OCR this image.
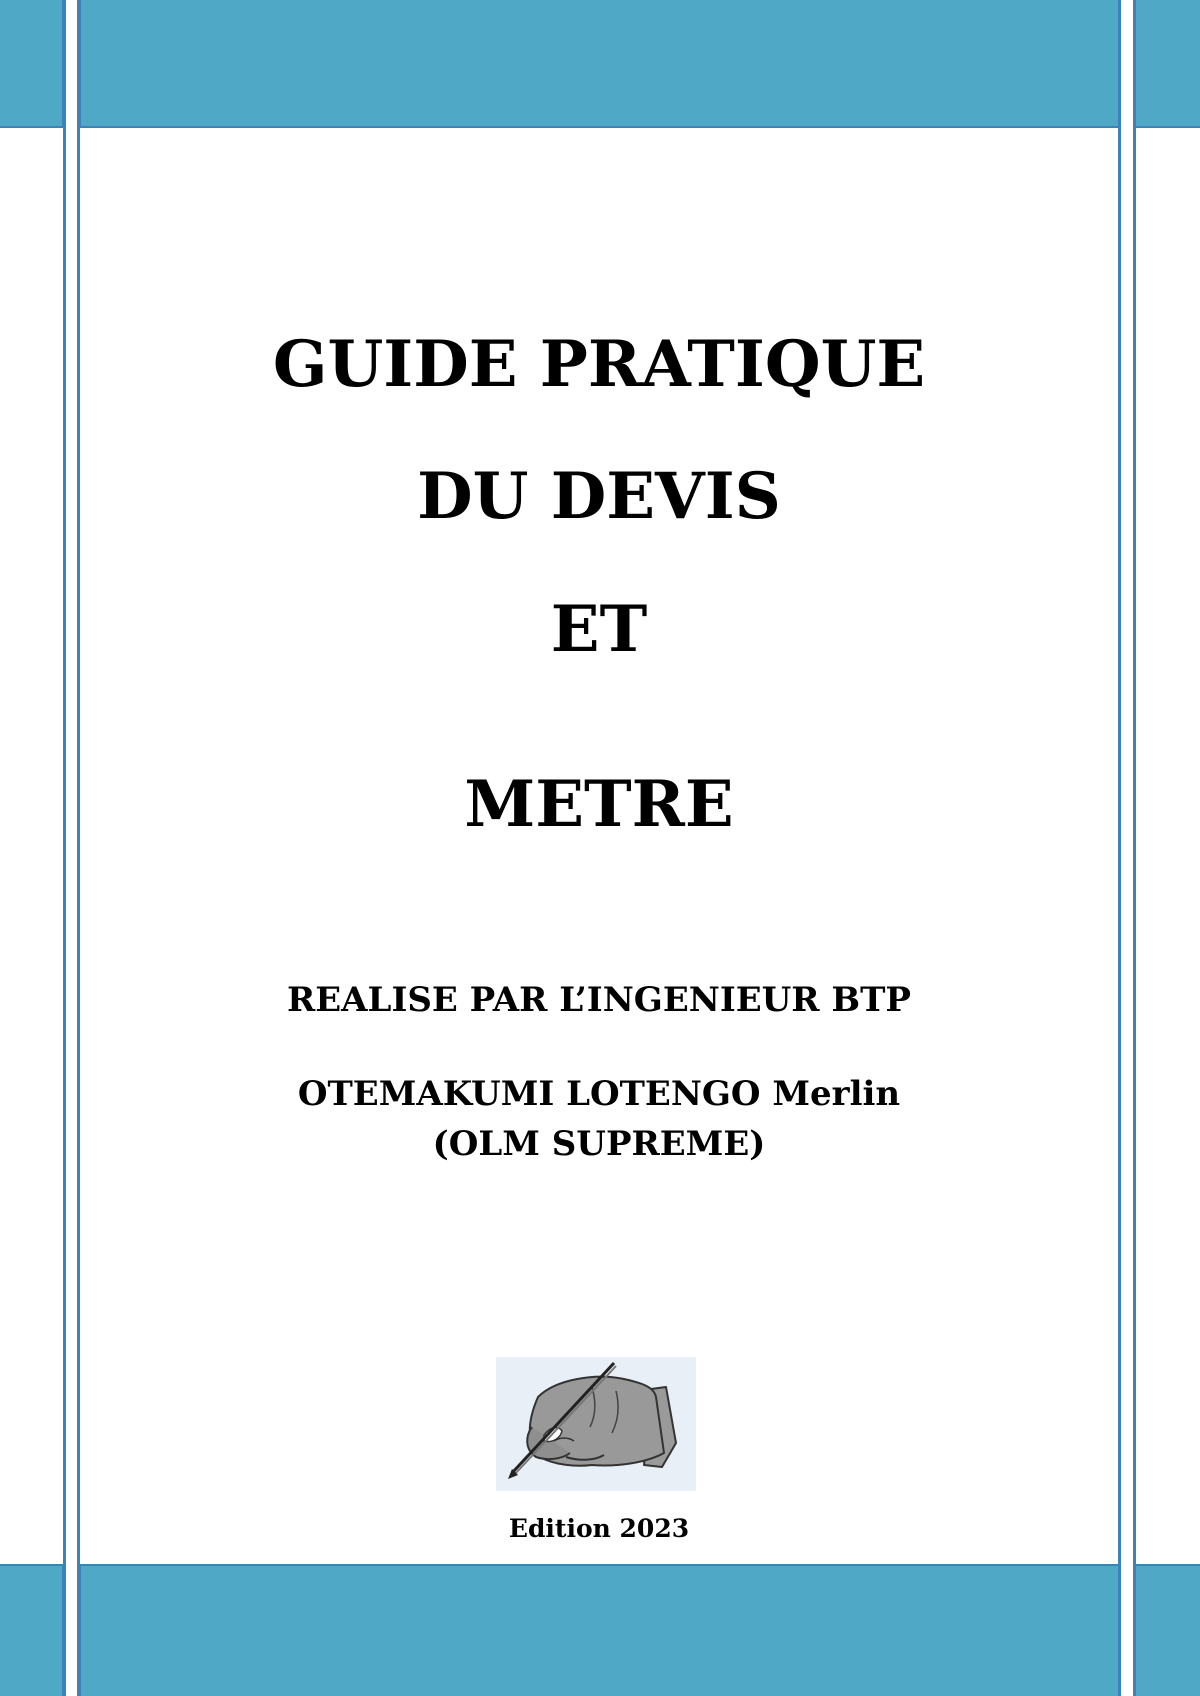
GUIDE PRATIQUE
DU DEVIS
ET
METRE
REALISE PAR L’INGENIEUR BTP
OTEMAKUMI LOTENGO Merlin
(OLM SUPREME)
Edition 2023
